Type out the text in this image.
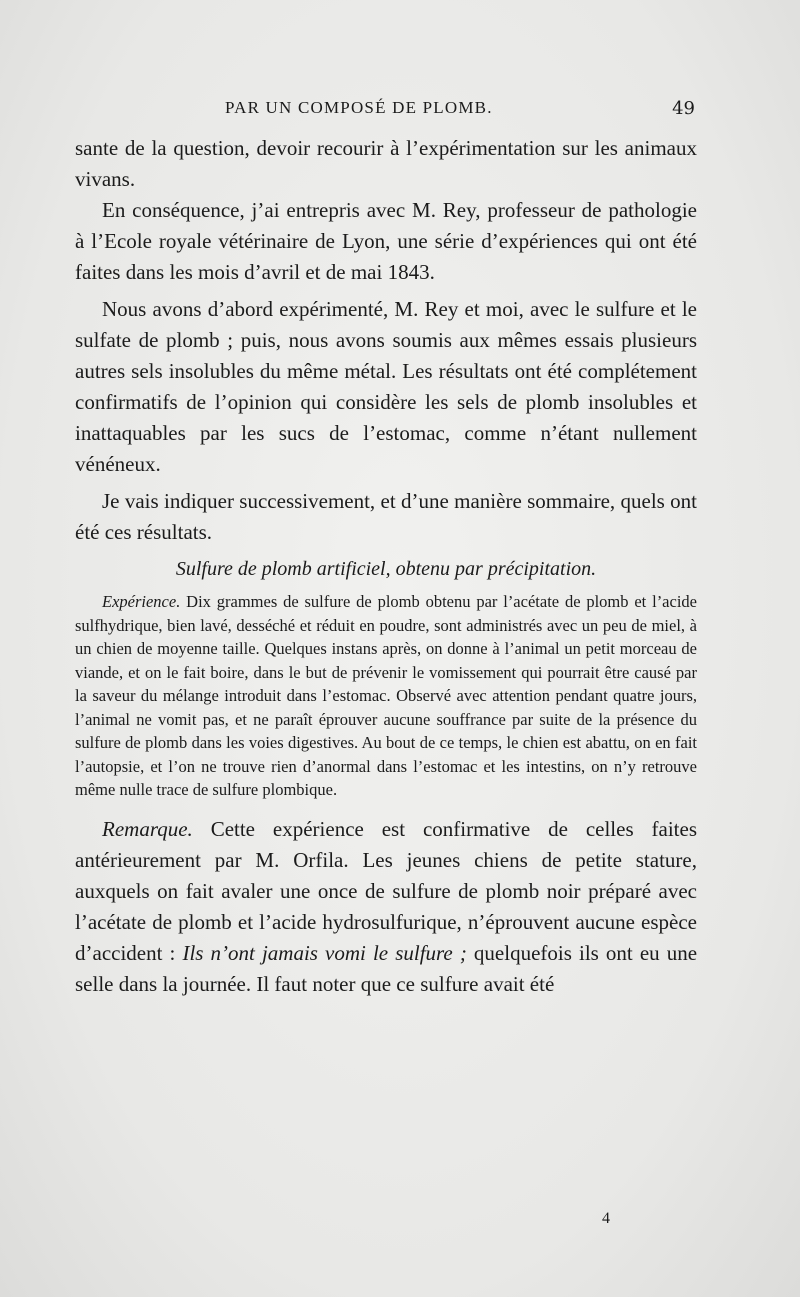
PAR UN COMPOSÉ DE PLOMB.	49

sante de la question, devoir recourir à l’expérimentation sur les animaux vivans.

En conséquence, j’ai entrepris avec M. Rey, professeur de pathologie à l’Ecole royale vétérinaire de Lyon, une série d’expériences qui ont été faites dans les mois d’avril et de mai 1843.

Nous avons d’abord expérimenté, M. Rey et moi, avec le sulfure et le sulfate de plomb ; puis, nous avons soumis aux mêmes essais plusieurs autres sels insolubles du même métal. Les résultats ont été complétement confirmatifs de l’opinion qui considère les sels de plomb insolubles et inattaquables par les sucs de l’estomac, comme n’étant nullement vénéneux.

Je vais indiquer successivement, et d’une manière sommaire, quels ont été ces résultats.

Sulfure de plomb artificiel, obtenu par précipitation.

Expérience. Dix grammes de sulfure de plomb obtenu par l’acétate de plomb et l’acide sulfhydrique, bien lavé, desséché et réduit en poudre, sont administrés avec un peu de miel, à un chien de moyenne taille. Quelques instans après, on donne à l’animal un petit morceau de viande, et on le fait boire, dans le but de prévenir le vomissement qui pourrait être causé par la saveur du mélange introduit dans l’estomac. Observé avec attention pendant quatre jours, l’animal ne vomit pas, et ne paraît éprouver aucune souffrance par suite de la présence du sulfure de plomb dans les voies digestives. Au bout de ce temps, le chien est abattu, on en fait l’autopsie, et l’on ne trouve rien d’anormal dans l’estomac et les intestins, on n’y retrouve même nulle trace de sulfure plombique.

Remarque. Cette expérience est confirmative de celles faites antérieurement par M. Orfila. Les jeunes chiens de petite stature, auxquels on fait avaler une once de sulfure de plomb noir préparé avec l’acétate de plomb et l’acide hydrosulfurique, n’éprouvent aucune espèce d’accident : Ils n’ont jamais vomi le sulfure ; quelquefois ils ont eu une selle dans la journée. Il faut noter que ce sulfure avait été

4
